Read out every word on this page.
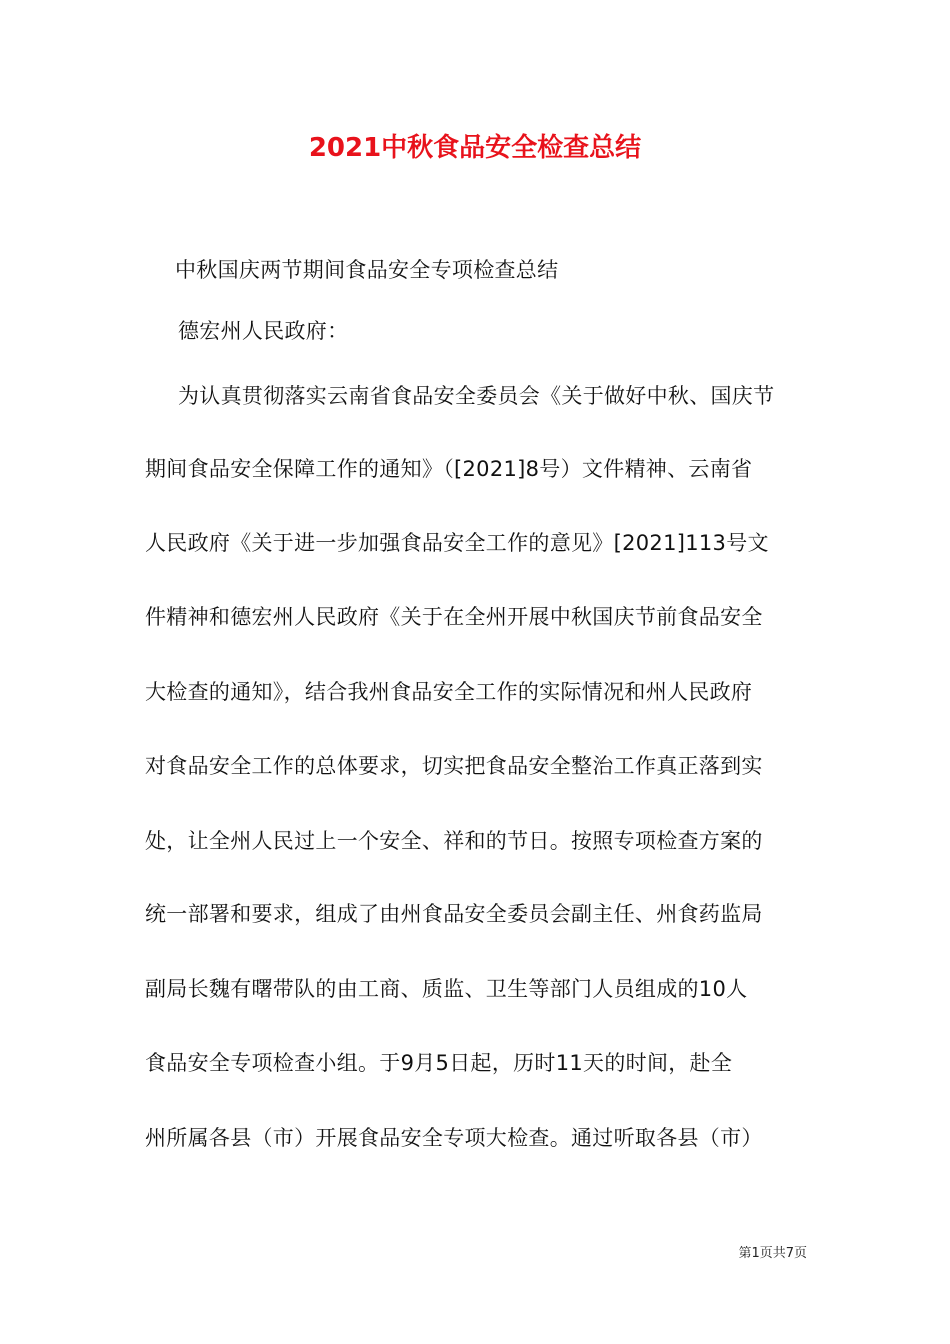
2021中秋食品安全检查总结
中秋国庆两节期间食品安全专项检查总结
德宏州人民政府：
为认真贯彻落实云南省食品安全委员会《关于做好中秋、国庆节
期间食品安全保障工作的通知》（[2021]8号）文件精神、云南省
人民政府《关于进一步加强食品安全工作的意见》[2021]113号文
件精神和德宏州人民政府《关于在全州开展中秋国庆节前食品安全
大检查的通知》，结合我州食品安全工作的实际情况和州人民政府
对食品安全工作的总体要求，切实把食品安全整治工作真正落到实
处，让全州人民过上一个安全、祥和的节日。按照专项检查方案的
统一部署和要求，组成了由州食品安全委员会副主任、州食药监局
副局长魏有曙带队的由工商、质监、卫生等部门人员组成的10人
食品安全专项检查小组。于9月5日起，历时11天的时间，赴全
州所属各县（市）开展食品安全专项大检查。通过听取各县（市）
第1页共7页
